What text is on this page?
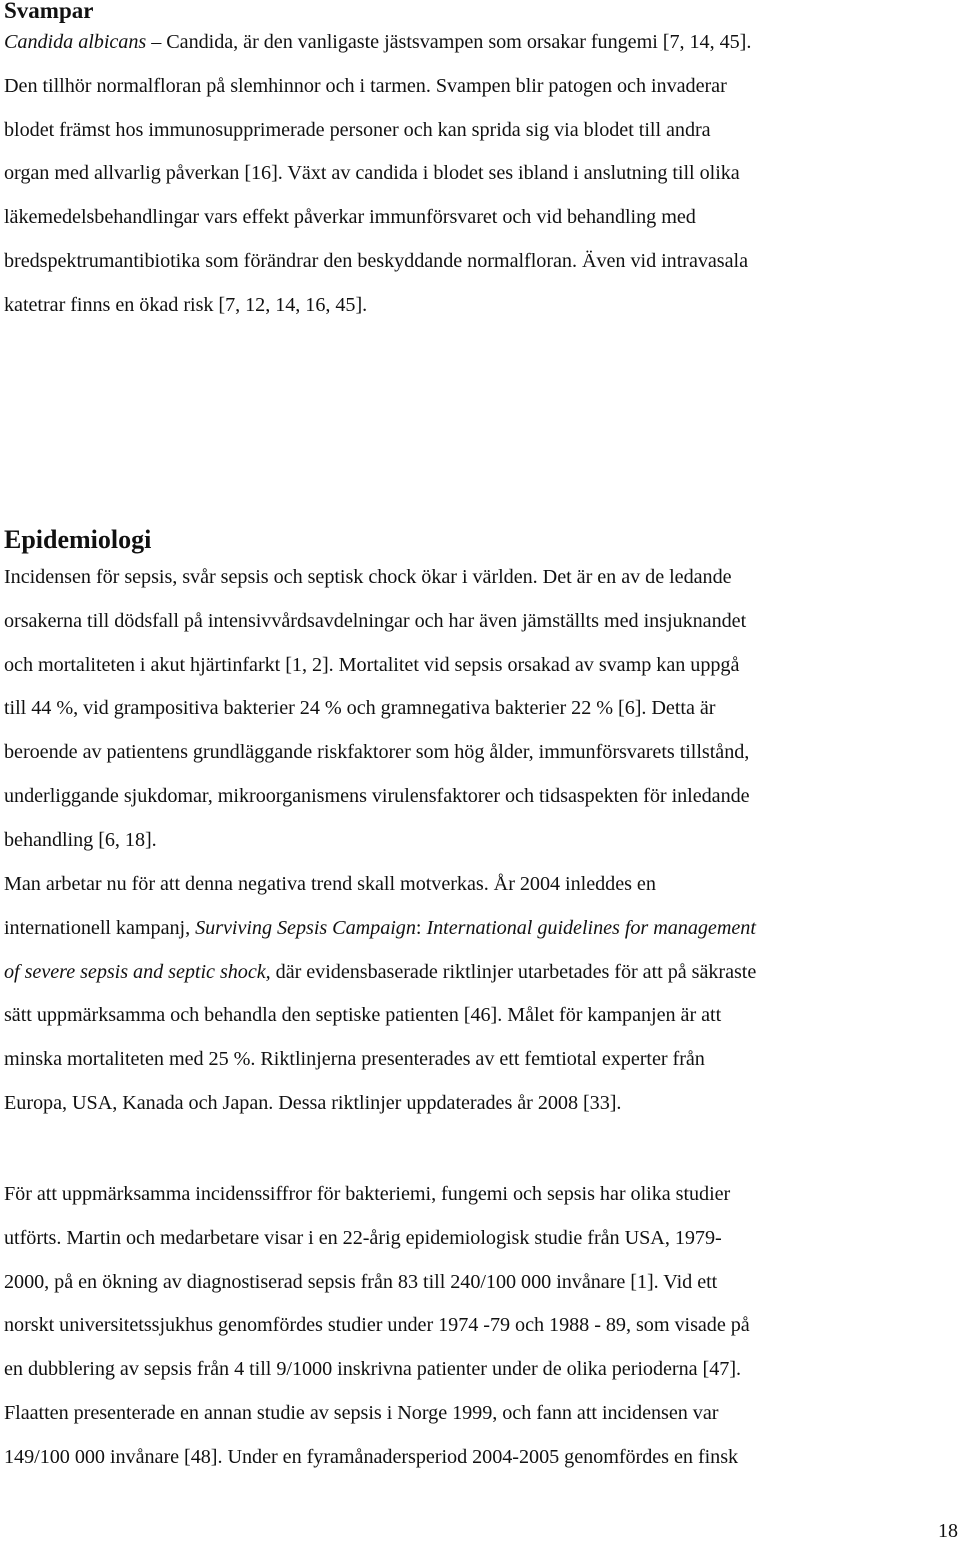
Svampar

Candida albicans – Candida, är den vanligaste jästsvampen som orsakar fungemi [7, 14, 45].
Den tillhör normalfloran på slemhinnor och i tarmen. Svampen blir patogen och invaderar
blodet främst hos immunosupprimerade personer och kan sprida sig via blodet till andra
organ med allvarlig påverkan [16]. Växt av candida i blodet ses ibland i anslutning till olika
läkemedelsbehandlingar vars effekt påverkar immunförsvaret och vid behandling med
bredspektrumantibiotika som förändrar den beskyddande normalfloran. Även vid intravasala
katetrar finns en ökad risk [7, 12, 14, 16, 45].

Epidemiologi

Incidensen för sepsis, svår sepsis och septisk chock ökar i världen. Det är en av de ledande
orsakerna till dödsfall på intensivvårdsavdelningar och har även jämställts med insjuknandet
och mortaliteten i akut hjärtinfarkt [1, 2]. Mortalitet vid sepsis orsakad av svamp kan uppgå
till 44 %, vid grampositiva bakterier 24 % och gramnegativa bakterier 22 % [6]. Detta är
beroende av patientens grundläggande riskfaktorer som hög ålder, immunförsvarets tillstånd,
underliggande sjukdomar, mikroorganismens virulensfaktorer och tidsaspekten för inledande
behandling [6, 18].

Man arbetar nu för att denna negativa trend skall motverkas. År 2004 inleddes en
internationell kampanj, Surviving Sepsis Campaign: International guidelines for management
of severe sepsis and septic shock, där evidensbaserade riktlinjer utarbetades för att på säkraste
sätt uppmärksamma och behandla den septiske patienten [46]. Målet för kampanjen är att
minska mortaliteten med 25 %. Riktlinjerna presenterades av ett femtiotal experter från
Europa, USA, Kanada och Japan. Dessa riktlinjer uppdaterades år 2008 [33].

För att uppmärksamma incidenssiffror för bakteriemi, fungemi och sepsis har olika studier
utförts. Martin och medarbetare visar i en 22-årig epidemiologisk studie från USA, 1979-
2000, på en ökning av diagnostiserad sepsis från 83 till 240/100 000 invånare [1]. Vid ett
norskt universitetssjukhus genomfördes studier under 1974 -79 och 1988 - 89, som visade på
en dubblering av sepsis från 4 till 9/1000 inskrivna patienter under de olika perioderna [47].
Flaatten presenterade en annan studie av sepsis i Norge 1999, och fann att incidensen var
149/100 000 invånare [48]. Under en fyramånadersperiod 2004-2005 genomfördes en finsk

18
